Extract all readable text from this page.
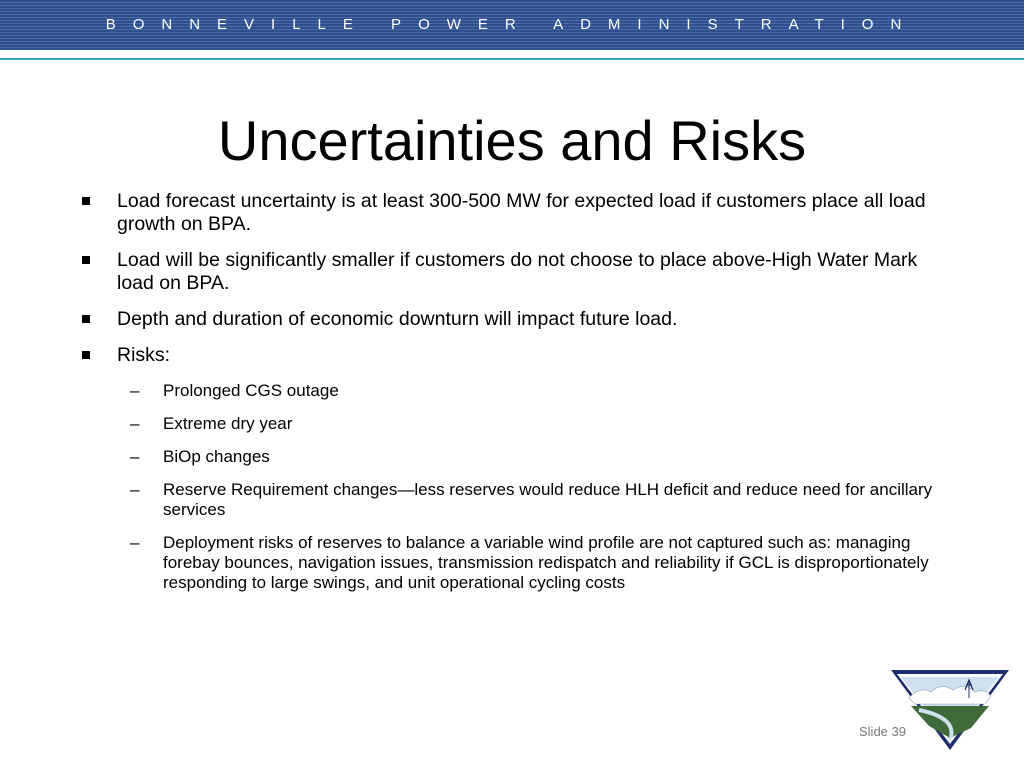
BONNEVILLE POWER ADMINISTRATION
Uncertainties and Risks
Load forecast uncertainty is at least 300-500 MW for expected load if customers place all load growth on BPA.
Load will be significantly smaller if customers do not choose to place above-High Water Mark load on BPA.
Depth and duration of economic downturn will impact future load.
Risks:
– Prolonged CGS outage
– Extreme dry year
– BiOp changes
– Reserve Requirement changes—less reserves would reduce HLH deficit and reduce need for ancillary services
– Deployment risks of reserves to balance a variable wind profile are not captured such as: managing forebay bounces, navigation issues, transmission redispatch and reliability if GCL is disproportionately responding to large swings, and unit operational cycling costs
Slide 39
